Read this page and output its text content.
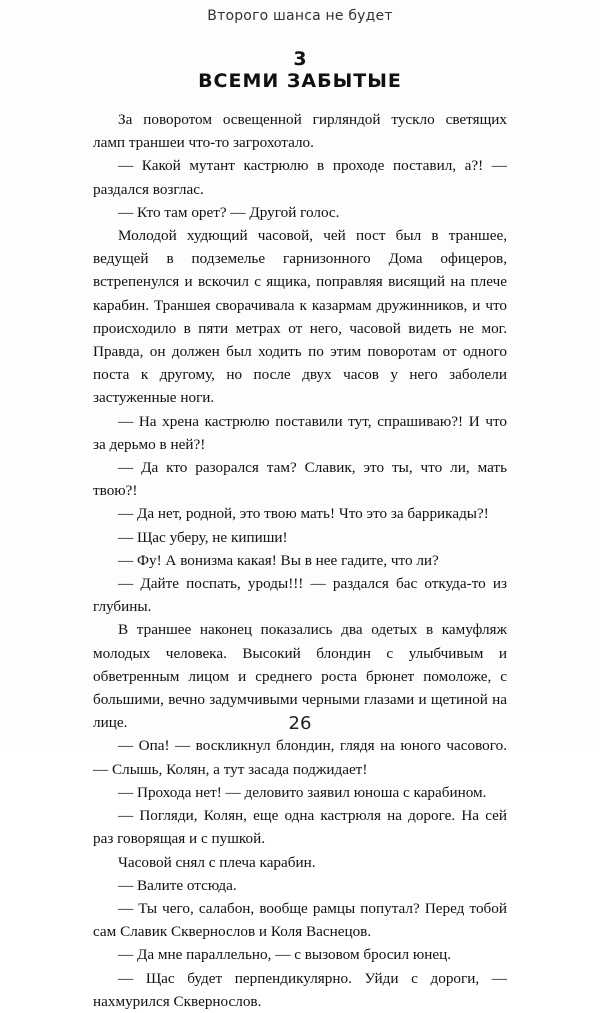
Второго шанса не будет
3
ВСЕМИ ЗАБЫТЫЕ

За поворотом освещенной гирляндой тускло светящих ламп траншеи что-то загрохотало.

— Какой мутант кастрюлю в проходе поставил, а?! — раздался возглас.

— Кто там орет? — Другой голос.

Молодой худющий часовой, чей пост был в траншее, ведущей в подземелье гарнизонного Дома офицеров, встрепенулся и вскочил с ящика, поправляя висящий на плече карабин. Траншея сворачивала к казармам дружинников, и что происходило в пяти метрах от него, часовой видеть не мог. Правда, он должен был ходить по этим поворотам от одного поста к другому, но после двух часов у него заболели застуженные ноги.

— На хрена кастрюлю поставили тут, спрашиваю?! И что за дерьмо в ней?!

— Да кто разорался там? Славик, это ты, что ли, мать твою?!

— Да нет, родной, это твою мать! Что это за баррикады?!

— Щас уберу, не кипиши!

— Фу! А вонизма какая! Вы в нее гадите, что ли?

— Дайте поспать, уроды!!! — раздался бас откуда-то из глубины.

В траншее наконец показались два одетых в камуфляж молодых человека. Высокий блондин с улыбчивым и обветренным лицом и среднего роста брюнет помоложе, с большими, вечно задумчивыми черными глазами и щетиной на лице.

— Опа! — воскликнул блондин, глядя на юного часового. — Слышь, Колян, а тут засада поджидает!

— Прохода нет! — деловито заявил юноша с карабином.

— Погляди, Колян, еще одна кастрюля на дороге. На сей раз говорящая и с пушкой.

Часовой снял с плеча карабин.

— Валите отсюда.

— Ты чего, салабон, вообще рамцы попутал? Перед тобой сам Славик Сквернослов и Коля Васнецов.

— Да мне параллельно, — с вызовом бросил юнец.

— Щас будет перпендикулярно. Уйди с дороги, — нахмурился Сквернослов.

26
